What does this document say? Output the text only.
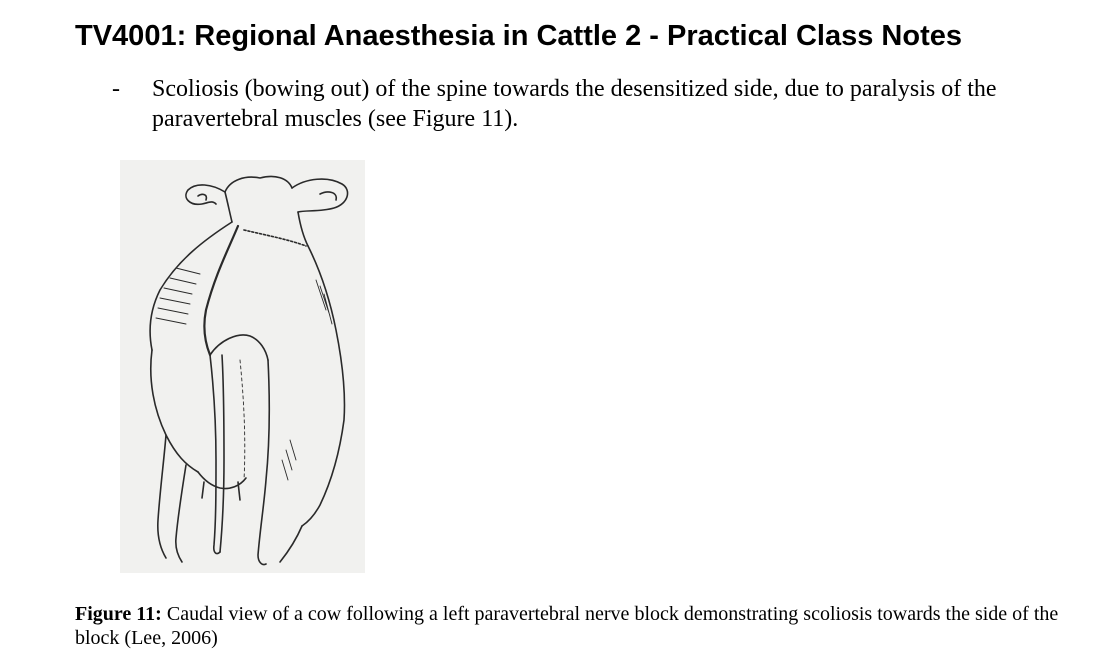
TV4001: Regional Anaesthesia in Cattle 2 - Practical Class Notes
- Scoliosis (bowing out) of the spine towards the desensitized side, due to paralysis of the paravertebral muscles (see Figure 11).

Figure 11: Caudal view of a cow following a left paravertebral nerve block demonstrating scoliosis towards the side of the block (Lee, 2006)
